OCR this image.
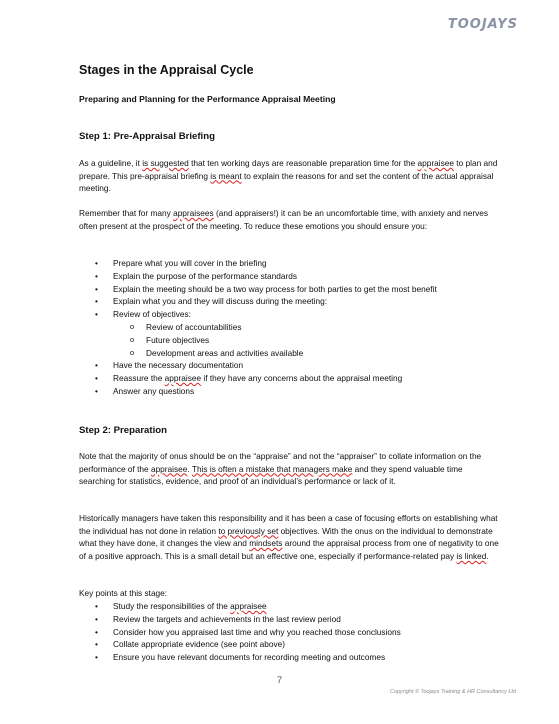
TOOJAYS
Stages in the Appraisal Cycle
Preparing and Planning for the Performance Appraisal Meeting
Step 1: Pre-Appraisal Briefing

As a guideline, it is suggested that ten working days are reasonable preparation time for the appraisee to plan and prepare. This pre-appraisal briefing is meant to explain the reasons for and set the content of the actual appraisal meeting.

Remember that for many appraisees (and appraisers!) it can be an uncomfortable time, with anxiety and nerves often present at the prospect of the meeting. To reduce these emotions you should ensure you:

• Prepare what you will cover in the briefing
• Explain the purpose of the performance standards
• Explain the meeting should be a two way process for both parties to get the most benefit
• Explain what you and they will discuss during the meeting:
• Review of objectives:
o Review of accountabilities
o Future objectives
o Development areas and activities available
• Have the necessary documentation
• Reassure the appraisee if they have any concerns about the appraisal meeting
• Answer any questions
Step 2: Preparation

Note that the majority of onus should be on the “appraise” and not the “appraiser” to collate information on the performance of the appraisee. This is often a mistake that managers make and they spend valuable time searching for statistics, evidence, and proof of an individual’s performance or lack of it.

Historically managers have taken this responsibility and it has been a case of focusing efforts on establishing what the individual has not done in relation to previously set objectives. With the onus on the individual to demonstrate what they have done, it changes the view and mindsets around the appraisal process from one of negativity to one of a positive approach. This is a small detail but an effective one, especially if performance-related pay is linked.

Key points at this stage:

• Study the responsibilities of the appraisee
• Review the targets and achievements in the last review period
• Consider how you appraised last time and why you reached those conclusions
• Collate appropriate evidence (see point above)
• Ensure you have relevant documents for recording meeting and outcomes
7
Copyright © Toojays Training & HR Consultancy Ltd
